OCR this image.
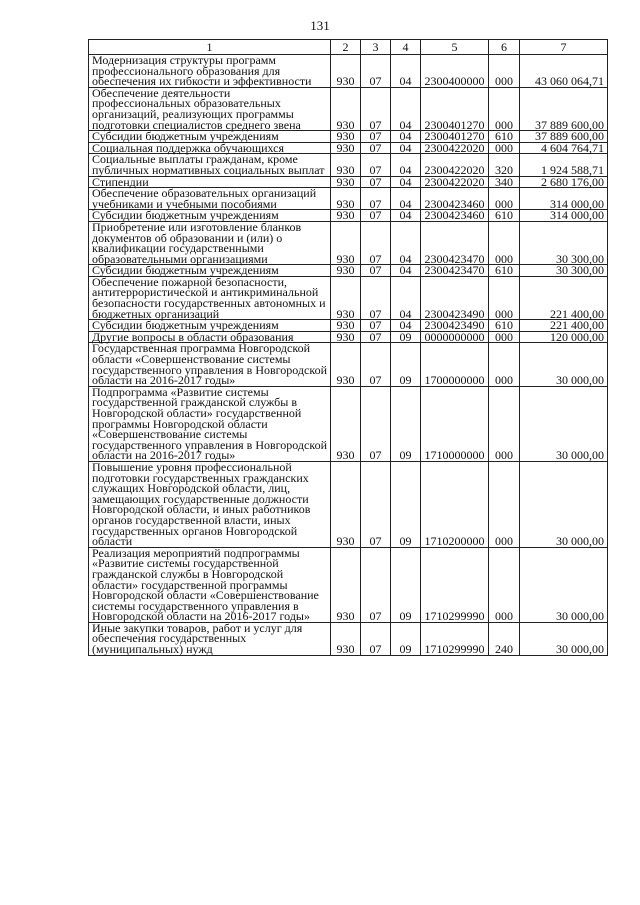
131
1	2	3	4	5	6	7
Модернизация структуры программ профессионального образования для обеспечения их гибкости и эффективности	930	07	04	2300400000	000	43 060 064,71
Обеспечение деятельности профессиональных образовательных организаций, реализующих программы подготовки специалистов среднего звена	930	07	04	2300401270	000	37 889 600,00
Субсидии бюджетным учреждениям	930	07	04	2300401270	610	37 889 600,00
Социальная поддержка обучающихся	930	07	04	2300422020	000	4 604 764,71
Социальные выплаты гражданам, кроме публичных нормативных социальных выплат	930	07	04	2300422020	320	1 924 588,71
Стипендии	930	07	04	2300422020	340	2 680 176,00
Обеспечение образовательных организаций учебниками и учебными пособиями	930	07	04	2300423460	000	314 000,00
Субсидии бюджетным учреждениям	930	07	04	2300423460	610	314 000,00
Приобретение или изготовление бланков документов об образовании и (или) о квалификации государственными образовательными организациями	930	07	04	2300423470	000	30 300,00
Субсидии бюджетным учреждениям	930	07	04	2300423470	610	30 300,00
Обеспечение пожарной безопасности, антитеррористической и антикриминальной безопасности государственных автономных и бюджетных организаций	930	07	04	2300423490	000	221 400,00
Субсидии бюджетным учреждениям	930	07	04	2300423490	610	221 400,00
Другие вопросы в области образования	930	07	09	0000000000	000	120 000,00
Государственная программа Новгородской области «Совершенствование системы государственного управления в Новгородской области на 2016-2017 годы»	930	07	09	1700000000	000	30 000,00
Подпрограмма «Развитие системы государственной гражданской службы в Новгородской области» государственной программы Новгородской области «Совершенствование системы государственного управления в Новгородской области на 2016-2017 годы»	930	07	09	1710000000	000	30 000,00
Повышение уровня профессиональной подготовки государственных гражданских служащих Новгородской области, лиц, замещающих государственные должности Новгородской области, и иных работников органов государственной власти, иных государственных органов Новгородской области	930	07	09	1710200000	000	30 000,00
Реализация мероприятий подпрограммы «Развитие системы государственной гражданской службы в Новгородской области» государственной программы Новгородской области «Совершенствование системы государственного управления в Новгородской области на 2016-2017 годы»	930	07	09	1710299990	000	30 000,00
Иные закупки товаров, работ и услуг для обеспечения государственных (муниципальных) нужд	930	07	09	1710299990	240	30 000,00
